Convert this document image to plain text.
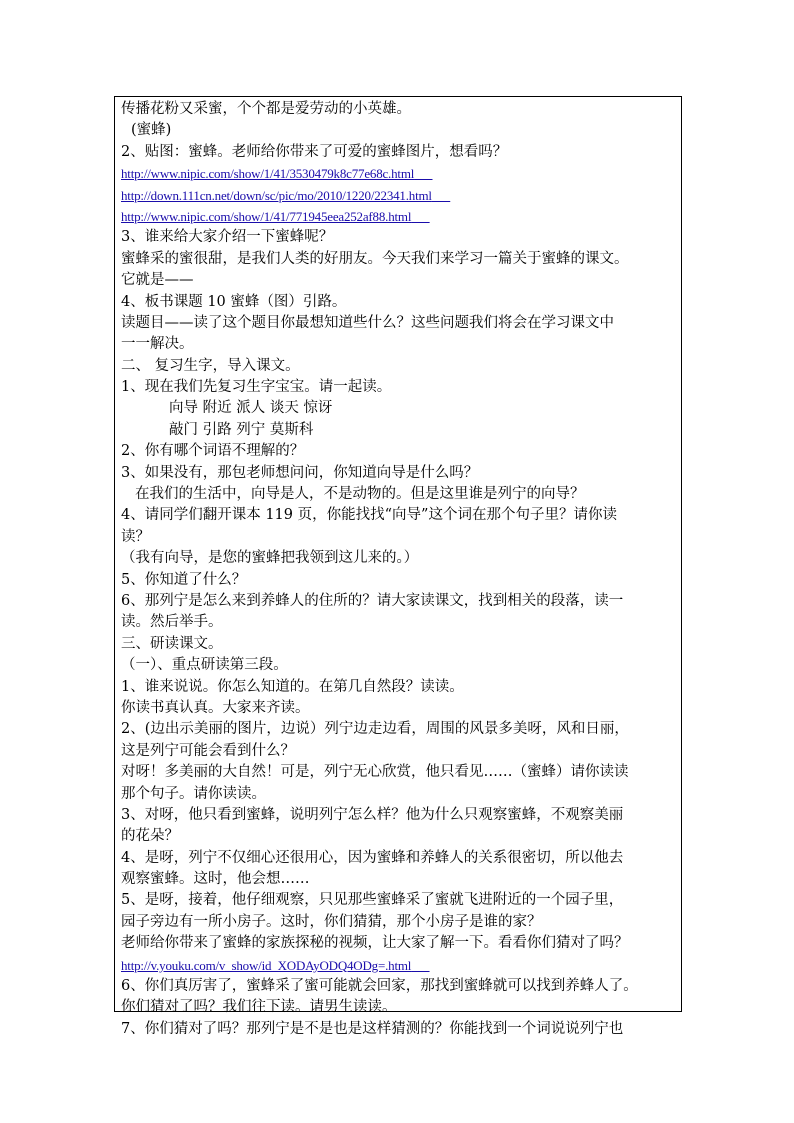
传播花粉又采蜜，个个都是爱劳动的小英雄。
(蜜蜂)
2、贴图：蜜蜂。老师给你带来了可爱的蜜蜂图片，想看吗？
http://www.nipic.com/show/1/41/3530479k8c77e68c.html
http://down.111cn.net/down/sc/pic/mo/2010/1220/22341.html
http://www.nipic.com/show/1/41/771945eea252af88.html
3、谁来给大家介绍一下蜜蜂呢？
蜜蜂采的蜜很甜，是我们人类的好朋友。今天我们来学习一篇关于蜜蜂的课文。
它就是——
4、板书课题 10 蜜蜂（图）引路。
读题目——读了这个题目你最想知道些什么？这些问题我们将会在学习课文中
一一解决。
二、 复习生字，导入课文。
1、现在我们先复习生字宝宝。请一起读。
向导 附近 派人 谈天 惊讶
敲门 引路 列宁 莫斯科
2、你有哪个词语不理解的？
3、如果没有，那包老师想问问，你知道向导是什么吗？
在我们的生活中，向导是人，不是动物的。但是这里谁是列宁的向导？
4、请同学们翻开课本 119 页，你能找找“向导”这个词在那个句子里？请你读
读？
（我有向导，是您的蜜蜂把我领到这儿来的。）
5、你知道了什么？
6、那列宁是怎么来到养蜂人的住所的？请大家读课文，找到相关的段落，读一
读。然后举手。
三、研读课文。
（一）、重点研读第三段。
1、谁来说说。你怎么知道的。在第几自然段？读读。
你读书真认真。大家来齐读。
2、(边出示美丽的图片，边说）列宁边走边看，周围的风景多美呀，风和日丽，
这是列宁可能会看到什么？
对呀！多美丽的大自然！可是，列宁无心欣赏，他只看见……（蜜蜂）请你读读
那个句子。请你读读。
3、对呀，他只看到蜜蜂，说明列宁怎么样？他为什么只观察蜜蜂，不观察美丽
的花朵？
4、是呀，列宁不仅细心还很用心，因为蜜蜂和养蜂人的关系很密切，所以他去
观察蜜蜂。这时，他会想……
5、是呀，接着，他仔细观察，只见那些蜜蜂采了蜜就飞进附近的一个园子里，
园子旁边有一所小房子。这时，你们猜猜，那个小房子是谁的家？
老师给你带来了蜜蜂的家族探秘的视频，让大家了解一下。看看你们猜对了吗？
http://v.youku.com/v_show/id_XODAyODQ4ODg=.html
6、你们真厉害了，蜜蜂采了蜜可能就会回家，那找到蜜蜂就可以找到养蜂人了。
你们猜对了吗？我们往下读。请男生读读。
7、你们猜对了吗？那列宁是不是也是这样猜测的？你能找到一个词说说列宁也
